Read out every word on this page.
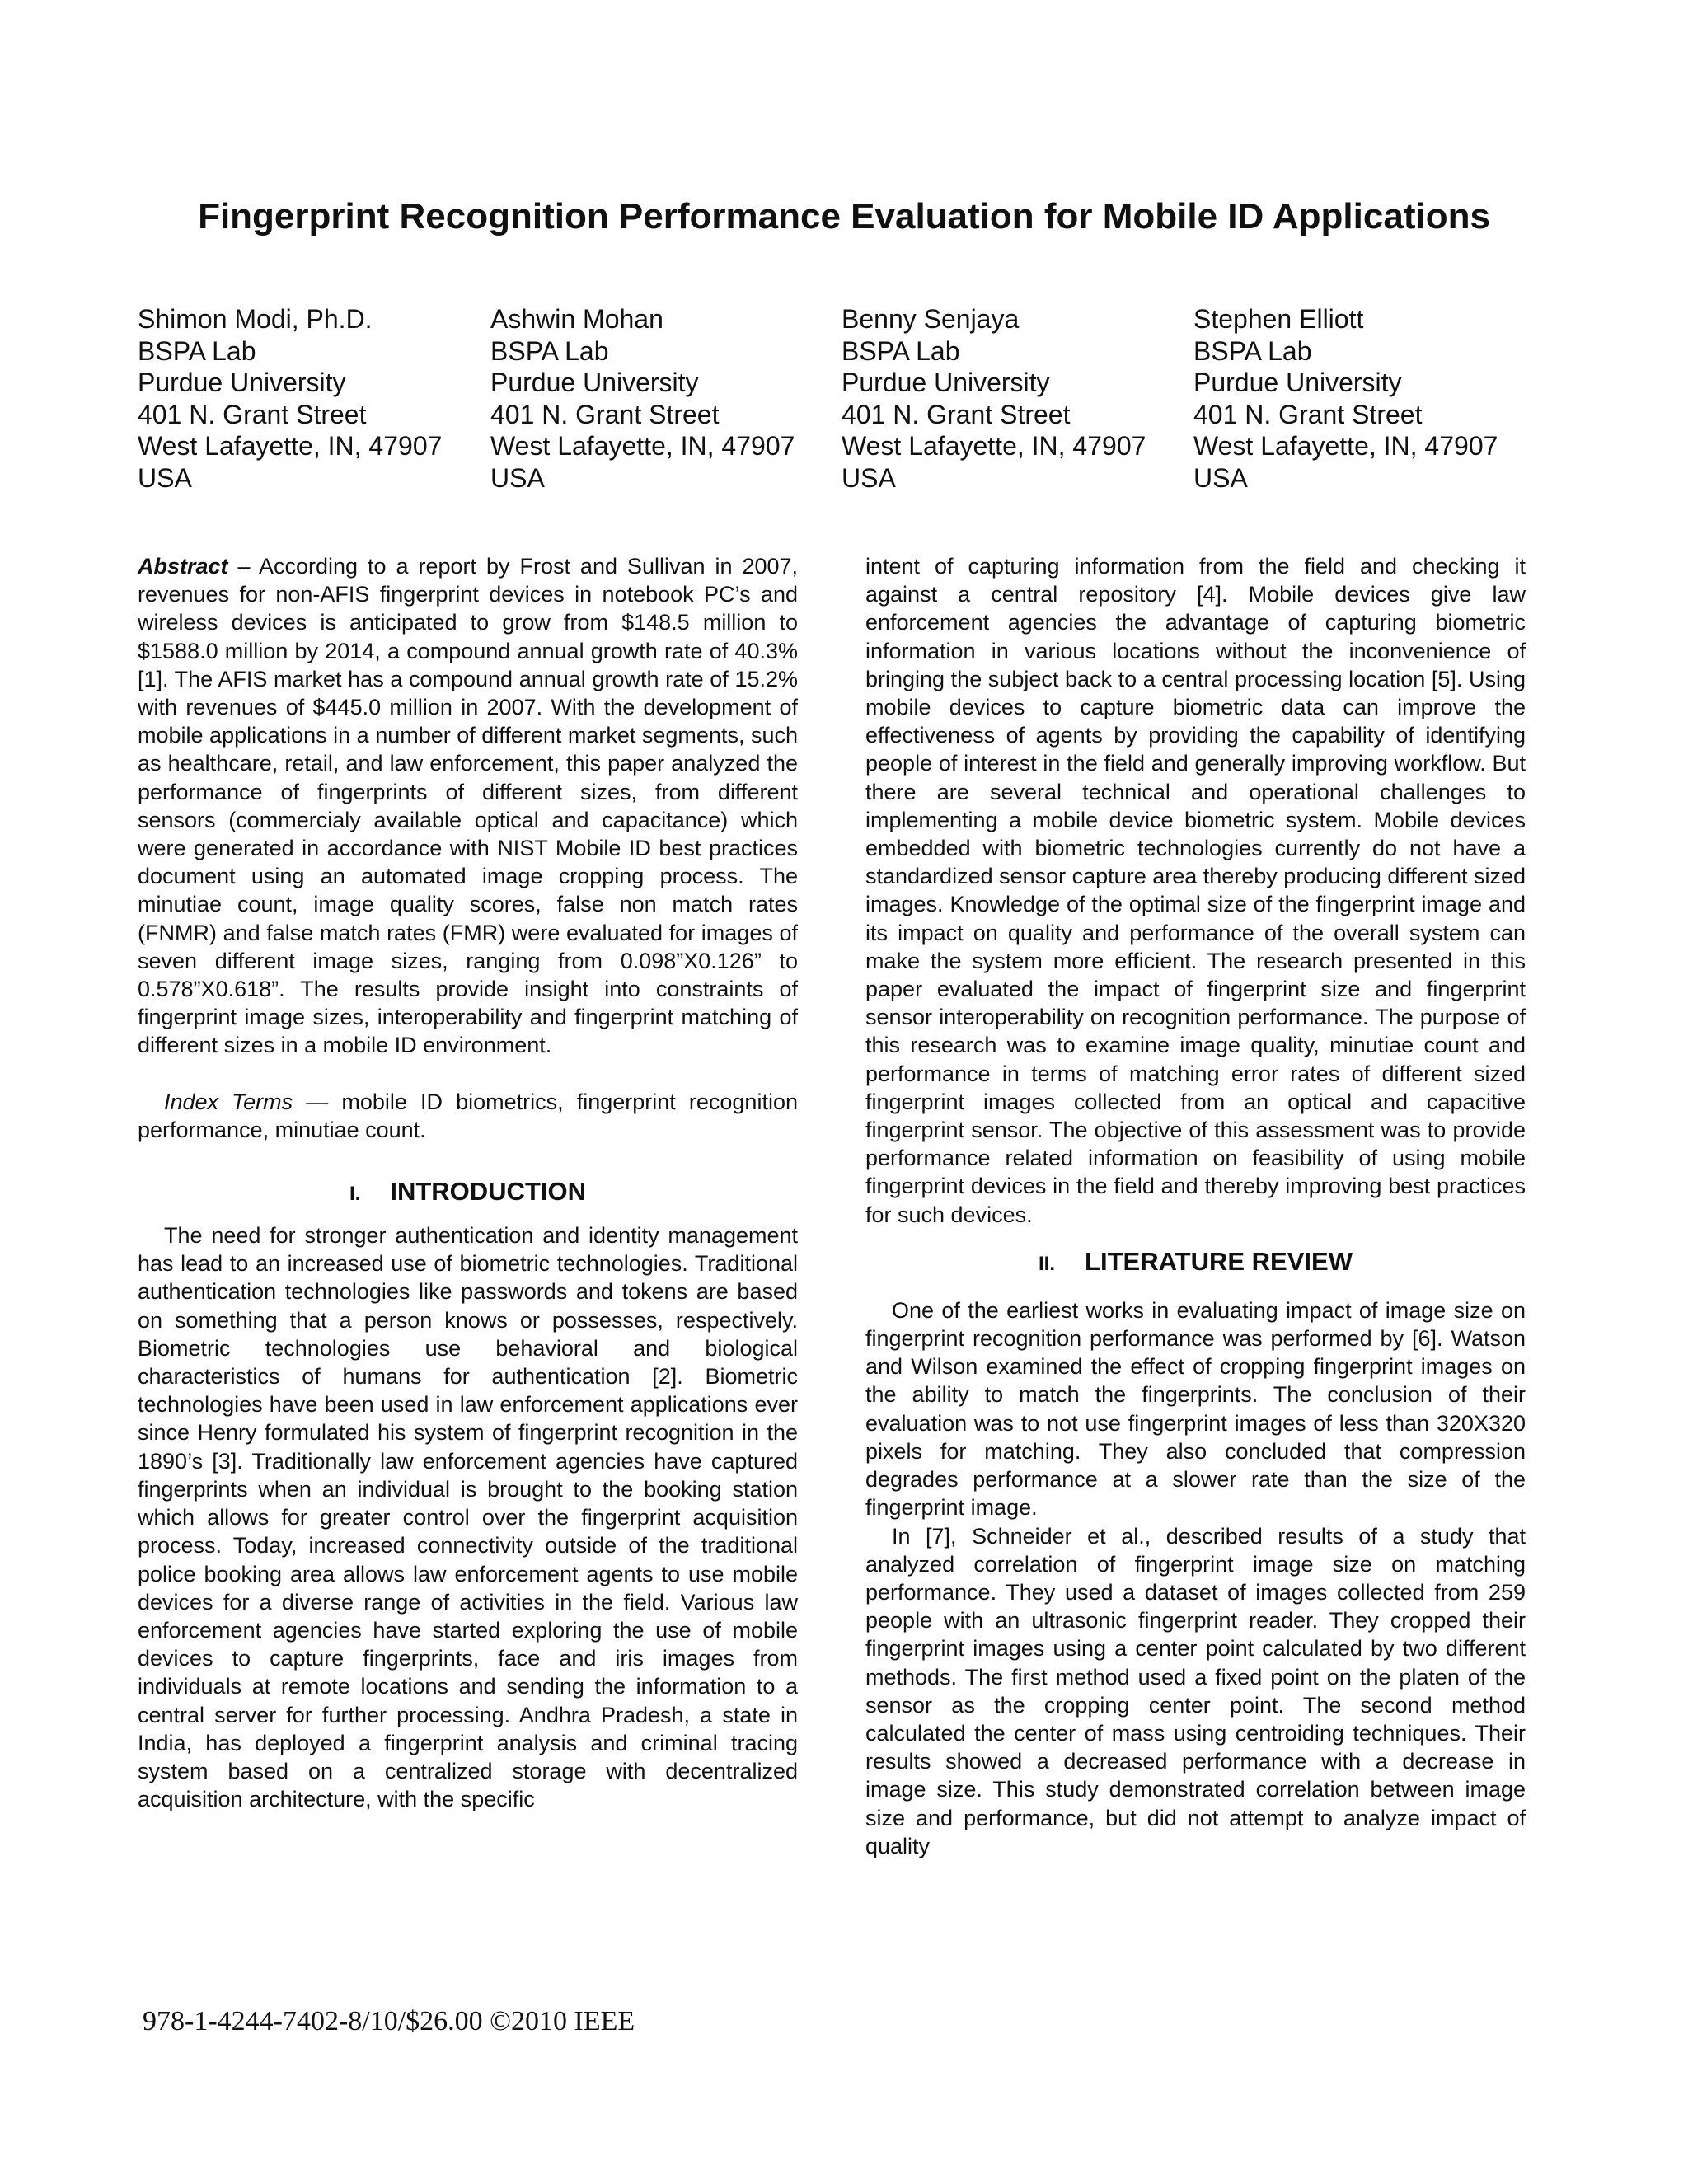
Fingerprint Recognition Performance Evaluation for Mobile ID Applications
Shimon Modi, Ph.D.
BSPA Lab
Purdue University
401 N. Grant Street
West Lafayette, IN, 47907
USA
Ashwin Mohan
BSPA Lab
Purdue University
401 N. Grant Street
West Lafayette, IN, 47907
USA
Benny Senjaya
BSPA Lab
Purdue University
401 N. Grant Street
West Lafayette, IN, 47907
USA
Stephen Elliott
BSPA Lab
Purdue University
401 N. Grant Street
West Lafayette, IN, 47907
USA

Abstract – According to a report by Frost and Sullivan in 2007, revenues for non-AFIS fingerprint devices in notebook PC’s and wireless devices is anticipated to grow from $148.5 million to $1588.0 million by 2014, a compound annual growth rate of 40.3% [1]. The AFIS market has a compound annual growth rate of 15.2% with revenues of $445.0 million in 2007. With the development of mobile applications in a number of different market segments, such as healthcare, retail, and law enforcement, this paper analyzed the performance of fingerprints of different sizes, from different sensors (commercialy available optical and capacitance) which were generated in accordance with NIST Mobile ID best practices document using an automated image cropping process. The minutiae count, image quality scores, false non match rates (FNMR) and false match rates (FMR) were evaluated for images of seven different image sizes, ranging from 0.098”X0.126” to 0.578”X0.618”. The results provide insight into constraints of fingerprint image sizes, interoperability and fingerprint matching of different sizes in a mobile ID environment.

Index Terms — mobile ID biometrics, fingerprint recognition performance, minutiae count.

I. INTRODUCTION

The need for stronger authentication and identity management has lead to an increased use of biometric technologies. Traditional authentication technologies like passwords and tokens are based on something that a person knows or possesses, respectively. Biometric technologies use behavioral and biological characteristics of humans for authentication [2]. Biometric technologies have been used in law enforcement applications ever since Henry formulated his system of fingerprint recognition in the 1890’s [3]. Traditionally law enforcement agencies have captured fingerprints when an individual is brought to the booking station which allows for greater control over the fingerprint acquisition process. Today, increased connectivity outside of the traditional police booking area allows law enforcement agents to use mobile devices for a diverse range of activities in the field. Various law enforcement agencies have started exploring the use of mobile devices to capture fingerprints, face and iris images from individuals at remote locations and sending the information to a central server for further processing. Andhra Pradesh, a state in India, has deployed a fingerprint analysis and criminal tracing system based on a centralized storage with decentralized acquisition architecture, with the specific

intent of capturing information from the field and checking it against a central repository [4]. Mobile devices give law enforcement agencies the advantage of capturing biometric information in various locations without the inconvenience of bringing the subject back to a central processing location [5]. Using mobile devices to capture biometric data can improve the effectiveness of agents by providing the capability of identifying people of interest in the field and generally improving workflow. But there are several technical and operational challenges to implementing a mobile device biometric system. Mobile devices embedded with biometric technologies currently do not have a standardized sensor capture area thereby producing different sized images. Knowledge of the optimal size of the fingerprint image and its impact on quality and performance of the overall system can make the system more efficient. The research presented in this paper evaluated the impact of fingerprint size and fingerprint sensor interoperability on recognition performance. The purpose of this research was to examine image quality, minutiae count and performance in terms of matching error rates of different sized fingerprint images collected from an optical and capacitive fingerprint sensor. The objective of this assessment was to provide performance related information on feasibility of using mobile fingerprint devices in the field and thereby improving best practices for such devices.

II. LITERATURE REVIEW

One of the earliest works in evaluating impact of image size on fingerprint recognition performance was performed by [6]. Watson and Wilson examined the effect of cropping fingerprint images on the ability to match the fingerprints. The conclusion of their evaluation was to not use fingerprint images of less than 320X320 pixels for matching. They also concluded that compression degrades performance at a slower rate than the size of the fingerprint image.

In [7], Schneider et al., described results of a study that analyzed correlation of fingerprint image size on matching performance. They used a dataset of images collected from 259 people with an ultrasonic fingerprint reader. They cropped their fingerprint images using a center point calculated by two different methods. The first method used a fixed point on the platen of the sensor as the cropping center point. The second method calculated the center of mass using centroiding techniques. Their results showed a decreased performance with a decrease in image size. This study demonstrated correlation between image size and performance, but did not attempt to analyze impact of quality

978-1-4244-7402-8/10/$26.00 ©2010 IEEE
